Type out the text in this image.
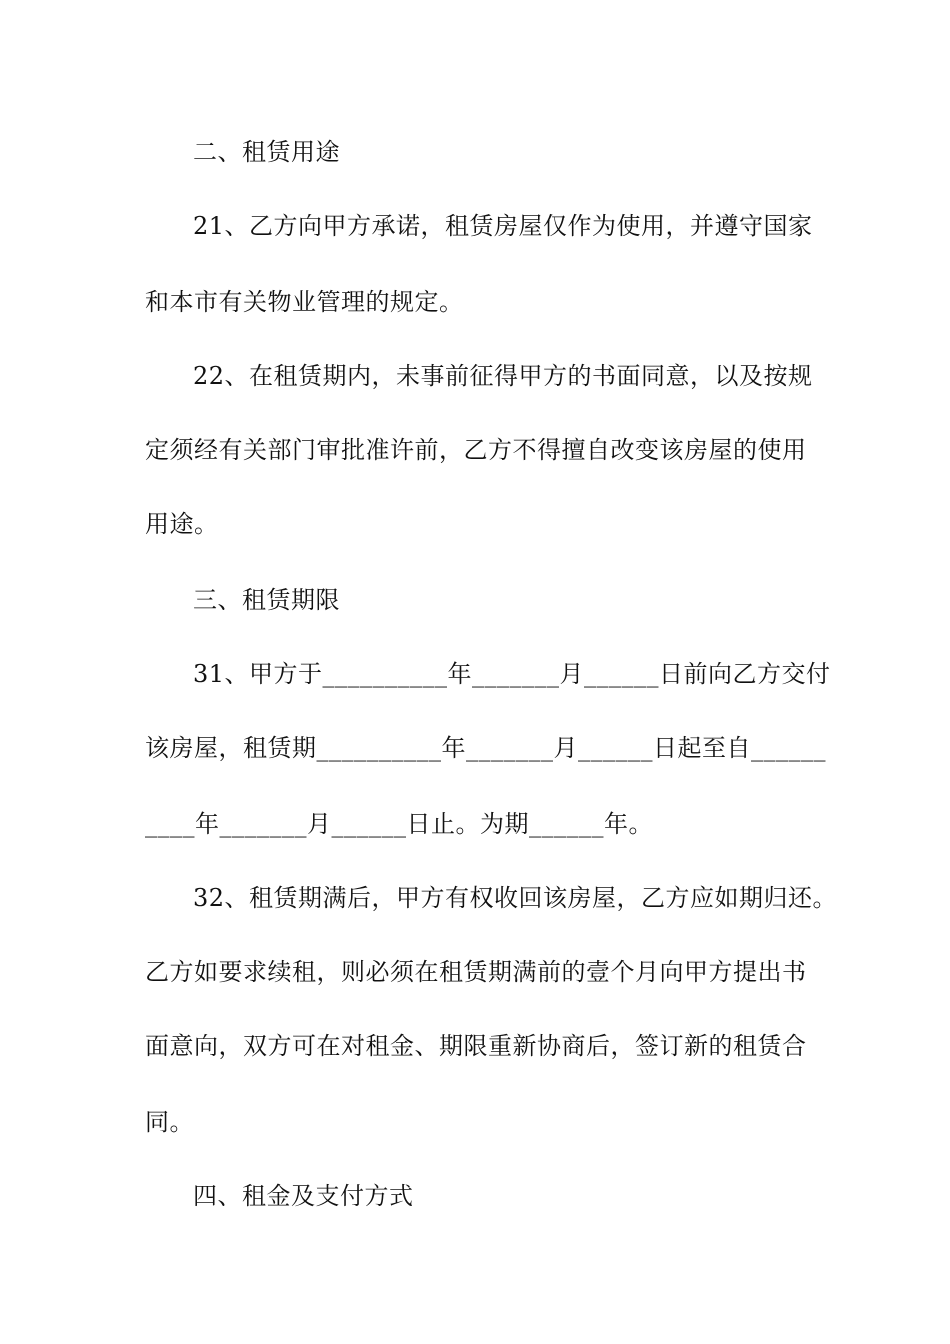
二、租赁用途
21、乙方向甲方承诺，租赁房屋仅作为使用，并遵守国家
和本市有关物业管理的规定。
22、在租赁期内，未事前征得甲方的书面同意，以及按规
定须经有关部门审批准许前，乙方不得擅自改变该房屋的使用
用途。
三、租赁期限
31、甲方于__________年_______月______日前向乙方交付
该房屋，租赁期__________年_______月______日起至自______
____年_______月______日止。为期______年。
32、租赁期满后，甲方有权收回该房屋，乙方应如期归还。
乙方如要求续租，则必须在租赁期满前的壹个月向甲方提出书
面意向，双方可在对租金、期限重新协商后，签订新的租赁合
同。
四、租金及支付方式
